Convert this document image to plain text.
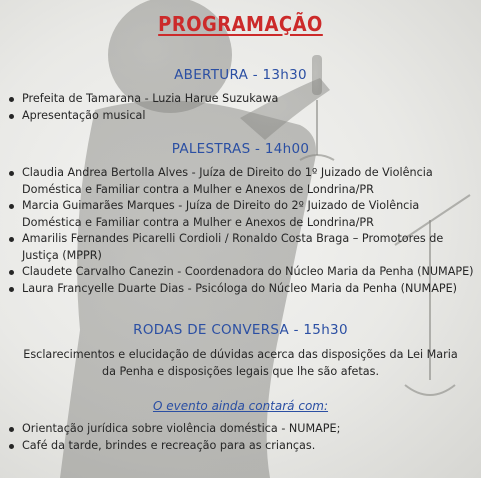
PROGRAMAÇÃO
ABERTURA - 13h30
Prefeita de Tamarana - Luzia Harue Suzukawa
Apresentação musical
PALESTRAS - 14h00
Claudia Andrea Bertolla Alves - Juíza de Direito do 1º Juizado de Violência Doméstica e Familiar contra a Mulher e Anexos de Londrina/PR
Marcia Guimarães Marques - Juíza de Direito do 2º Juizado de Violência Doméstica e Familiar contra a Mulher e Anexos de Londrina/PR
Amarilis Fernandes Picarelli Cordioli / Ronaldo Costa Braga – Promotores de Justiça (MPPR)
Claudete Carvalho Canezin - Coordenadora do Núcleo Maria da Penha (NUMAPE)
Laura Francyelle Duarte Dias - Psicóloga do Núcleo Maria da Penha (NUMAPE)
RODAS DE CONVERSA - 15h30
Esclarecimentos e elucidação de dúvidas acerca das disposições da Lei Maria da Penha e disposições legais que lhe são afetas.
O evento ainda contará com:
Orientação jurídica sobre violência doméstica - NUMAPE;
Café da tarde, brindes e recreação para as crianças.
